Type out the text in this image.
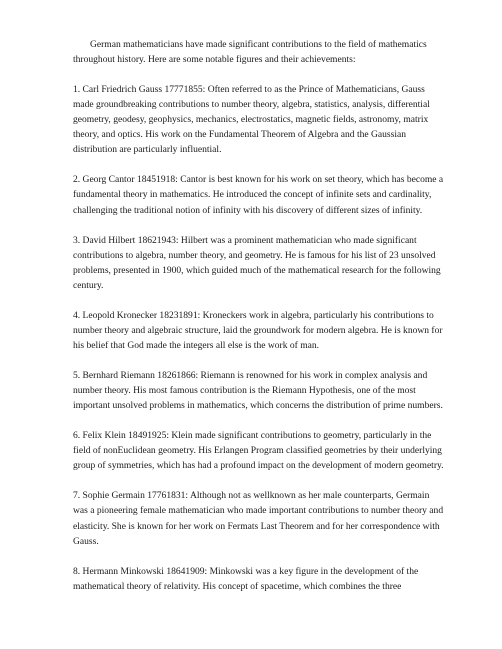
German mathematicians have made significant contributions to the field of mathematics throughout history. Here are some notable figures and their achievements:

1. Carl Friedrich Gauss 17771855: Often referred to as the Prince of Mathematicians, Gauss made groundbreaking contributions to number theory, algebra, statistics, analysis, differential geometry, geodesy, geophysics, mechanics, electrostatics, magnetic fields, astronomy, matrix theory, and optics. His work on the Fundamental Theorem of Algebra and the Gaussian distribution are particularly influential.

2. Georg Cantor 18451918: Cantor is best known for his work on set theory, which has become a fundamental theory in mathematics. He introduced the concept of infinite sets and cardinality, challenging the traditional notion of infinity with his discovery of different sizes of infinity.

3. David Hilbert 18621943: Hilbert was a prominent mathematician who made significant contributions to algebra, number theory, and geometry. He is famous for his list of 23 unsolved problems, presented in 1900, which guided much of the mathematical research for the following century.

4. Leopold Kronecker 18231891: Kroneckers work in algebra, particularly his contributions to number theory and algebraic structure, laid the groundwork for modern algebra. He is known for his belief that God made the integers all else is the work of man.

5. Bernhard Riemann 18261866: Riemann is renowned for his work in complex analysis and number theory. His most famous contribution is the Riemann Hypothesis, one of the most important unsolved problems in mathematics, which concerns the distribution of prime numbers.

6. Felix Klein 18491925: Klein made significant contributions to geometry, particularly in the field of nonEuclidean geometry. His Erlangen Program classified geometries by their underlying group of symmetries, which has had a profound impact on the development of modern geometry.

7. Sophie Germain 17761831: Although not as wellknown as her male counterparts, Germain was a pioneering female mathematician who made important contributions to number theory and elasticity. She is known for her work on Fermats Last Theorem and for her correspondence with Gauss.

8. Hermann Minkowski 18641909: Minkowski was a key figure in the development of the mathematical theory of relativity. His concept of spacetime, which combines the three
